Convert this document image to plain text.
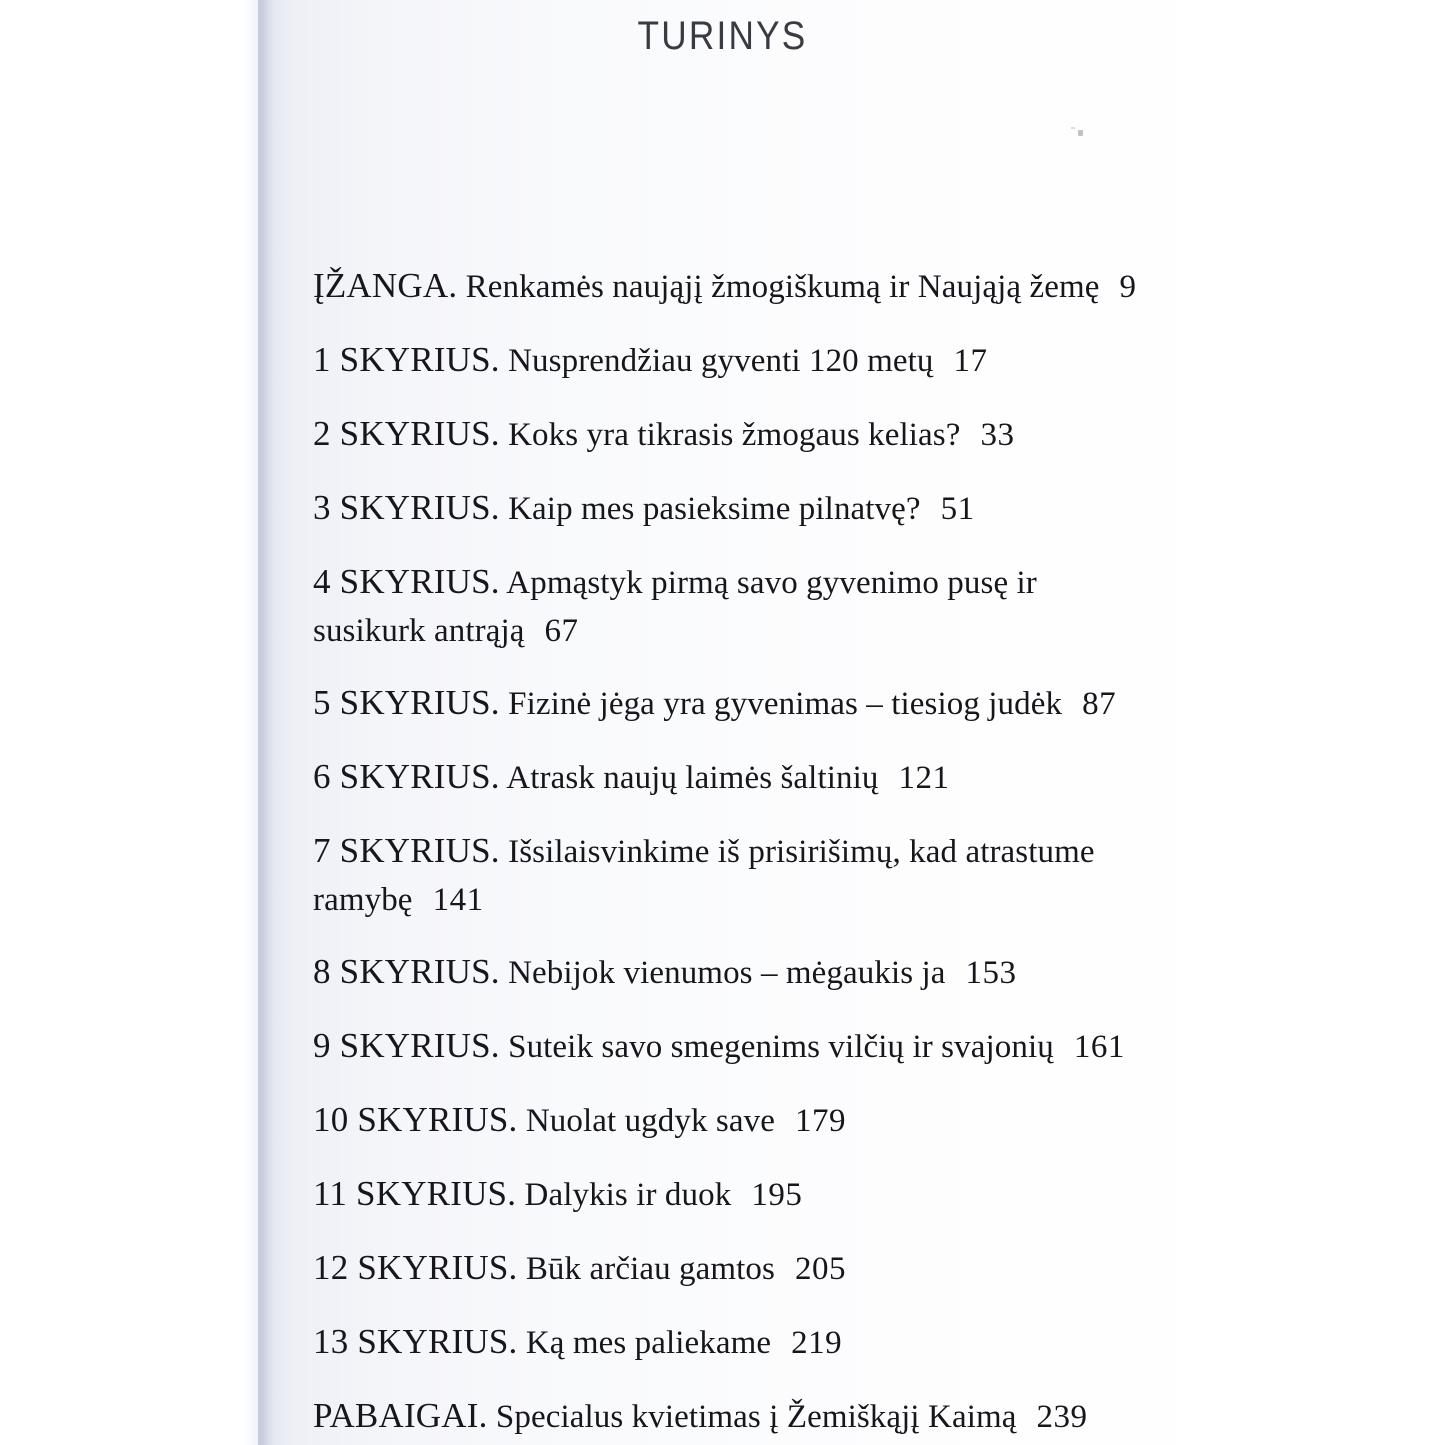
TURINYS
ĮŽANGA. Renkamės naująjį žmogiškumą ir Naująją žemę 9
1 SKYRIUS. Nusprendžiau gyventi 120 metų 17
2 SKYRIUS. Koks yra tikrasis žmogaus kelias? 33
3 SKYRIUS. Kaip mes pasieksime pilnatvę? 51
4 SKYRIUS. Apmąstyk pirmą savo gyvenimo pusę ir susikurk antrąją 67
5 SKYRIUS. Fizinė jėga yra gyvenimas – tiesiog judėk 87
6 SKYRIUS. Atrask naujų laimės šaltinių 121
7 SKYRIUS. Išsilaisvinkime iš prisirišimų, kad atrastume ramybę 141
8 SKYRIUS. Nebijok vienumos – mėgaukis ja 153
9 SKYRIUS. Suteik savo smegenims vilčių ir svajonių 161
10 SKYRIUS. Nuolat ugdyk save 179
11 SKYRIUS. Dalykis ir duok 195
12 SKYRIUS. Būk arčiau gamtos 205
13 SKYRIUS. Ką mes paliekame 219
PABAIGAI. Specialus kvietimas į Žemiškąjį Kaimą 239
